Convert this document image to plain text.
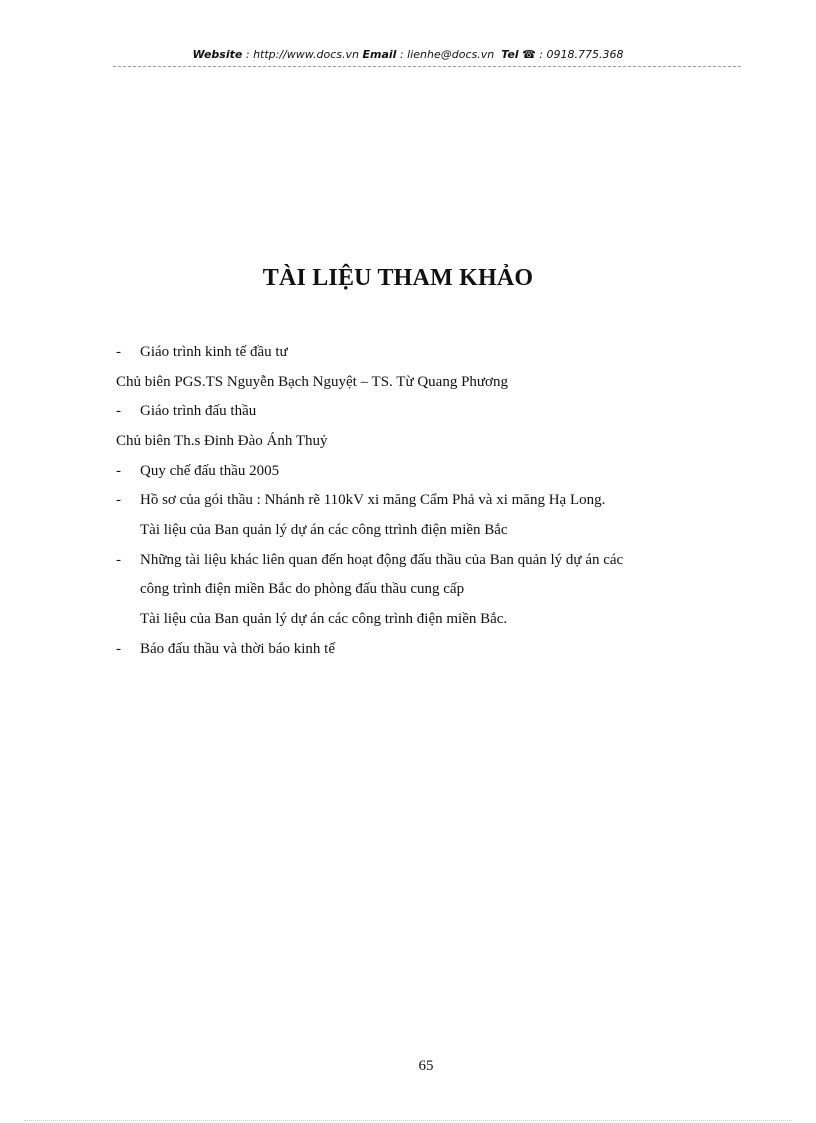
Website : http://www.docs.vn Email : lienhe@docs.vn Tel ☎ : 0918.775.368
TÀI LIỆU THAM KHẢO
- Giáo trình kinh tế đầu tư
Chủ biên PGS.TS Nguyễn Bạch Nguyệt – TS. Từ Quang Phương
- Giáo trình đấu thầu
Chủ biên Th.s Đinh Đào Ánh Thuỷ
- Quy chế đấu thầu 2005
- Hồ sơ của gói thầu : Nhánh rẽ 110kV xi măng Cẩm Phả và xi măng Hạ Long.
Tài liệu của Ban quản lý dự án các công ttrình điện miền Bắc
- Những tài liệu khác liên quan đến hoạt động đấu thầu của Ban quản lý dự án các
công trình điện miền Bắc do phòng đấu thầu cung cấp
Tài liệu của Ban quản lý dự án các công trình điện miền Bắc.
- Báo đấu thầu và thời báo kinh tế
65
